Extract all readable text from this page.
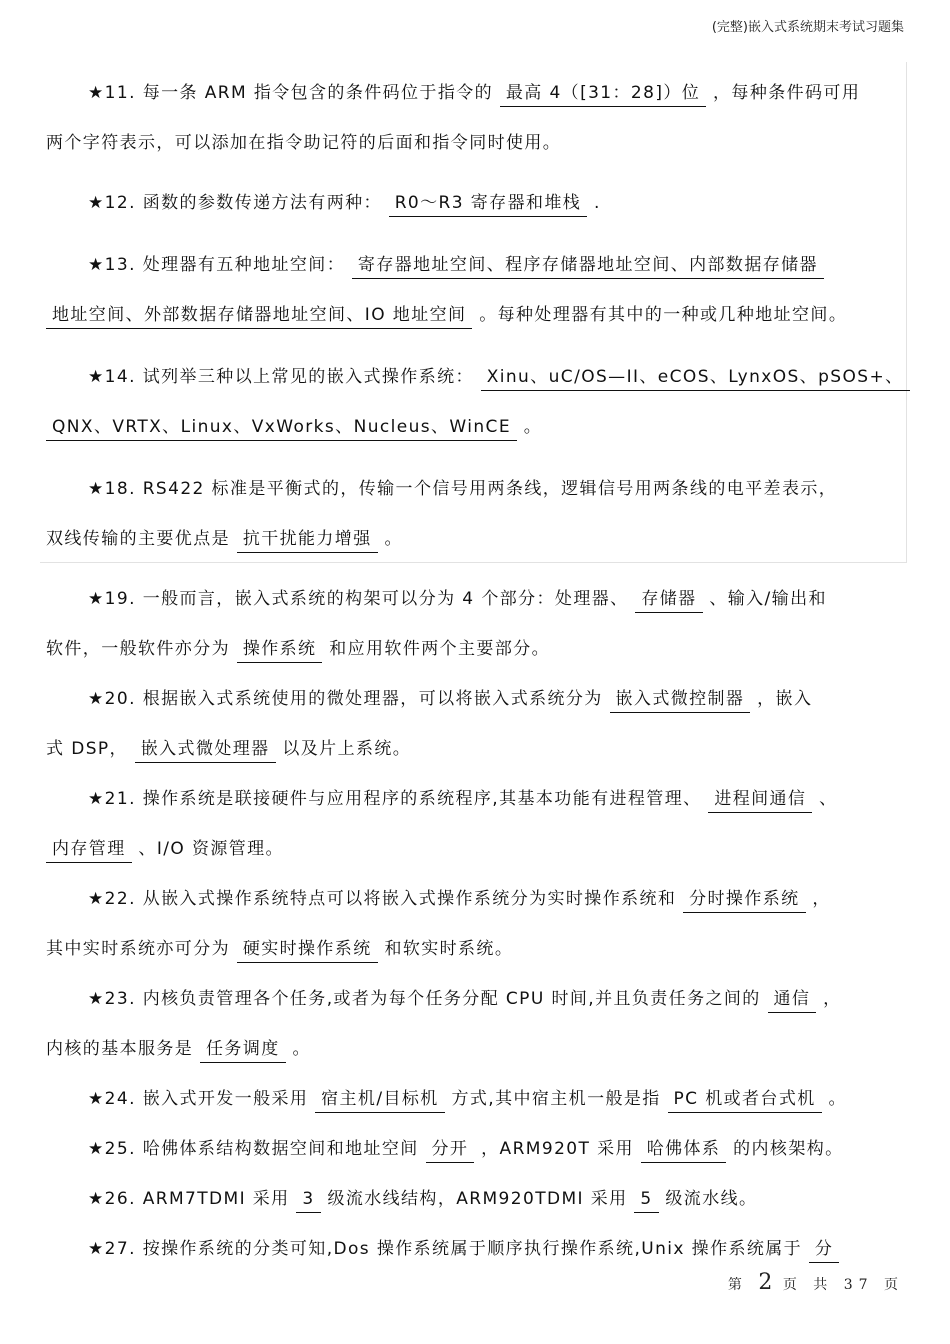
(完整)嵌入式系统期末考试习题集
★11. 每一条 ARM 指令包含的条件码位于指令的 最高 4（[31：28]）位 ，每种条件码可用
两个字符表示，可以添加在指令助记符的后面和指令同时使用。
★12. 函数的参数传递方法有两种： R0～R3 寄存器和堆栈 .
★13. 处理器有五种地址空间： 寄存器地址空间、程序存储器地址空间、内部数据存储器
地址空间、外部数据存储器地址空间、IO 地址空间 。每种处理器有其中的一种或几种地址空间。
★14. 试列举三种以上常见的嵌入式操作系统： Xinu、uC/OS—II、eCOS、LynxOS、pSOS+、
QNX、VRTX、Linux、VxWorks、Nucleus、WinCE 。
★18. RS422 标准是平衡式的，传输一个信号用两条线，逻辑信号用两条线的电平差表示，
双线传输的主要优点是 抗干扰能力增强 。
★19. 一般而言，嵌入式系统的构架可以分为 4 个部分：处理器、 存储器 、输入/输出和
软件，一般软件亦分为 操作系统 和应用软件两个主要部分。
★20. 根据嵌入式系统使用的微处理器，可以将嵌入式系统分为 嵌入式微控制器 ，嵌入
式 DSP， 嵌入式微处理器 以及片上系统。
★21. 操作系统是联接硬件与应用程序的系统程序,其基本功能有进程管理、 进程间通信 、
内存管理 、I/O 资源管理。
★22. 从嵌入式操作系统特点可以将嵌入式操作系统分为实时操作系统和 分时操作系统 ，
其中实时系统亦可分为 硬实时操作系统 和软实时系统。
★23. 内核负责管理各个任务,或者为每个任务分配 CPU 时间,并且负责任务之间的 通信 ，
内核的基本服务是 任务调度 。
★24. 嵌入式开发一般采用 宿主机/目标机 方式,其中宿主机一般是指 PC 机或者台式机 。
★25. 哈佛体系结构数据空间和地址空间 分开 ，ARM920T 采用 哈佛体系 的内核架构。
★26. ARM7TDMI 采用 3 级流水线结构，ARM920TDMI 采用 5 级流水线。
★27. 按操作系统的分类可知,Dos 操作系统属于顺序执行操作系统,Unix 操作系统属于 分
第 2 页 共 37 页
